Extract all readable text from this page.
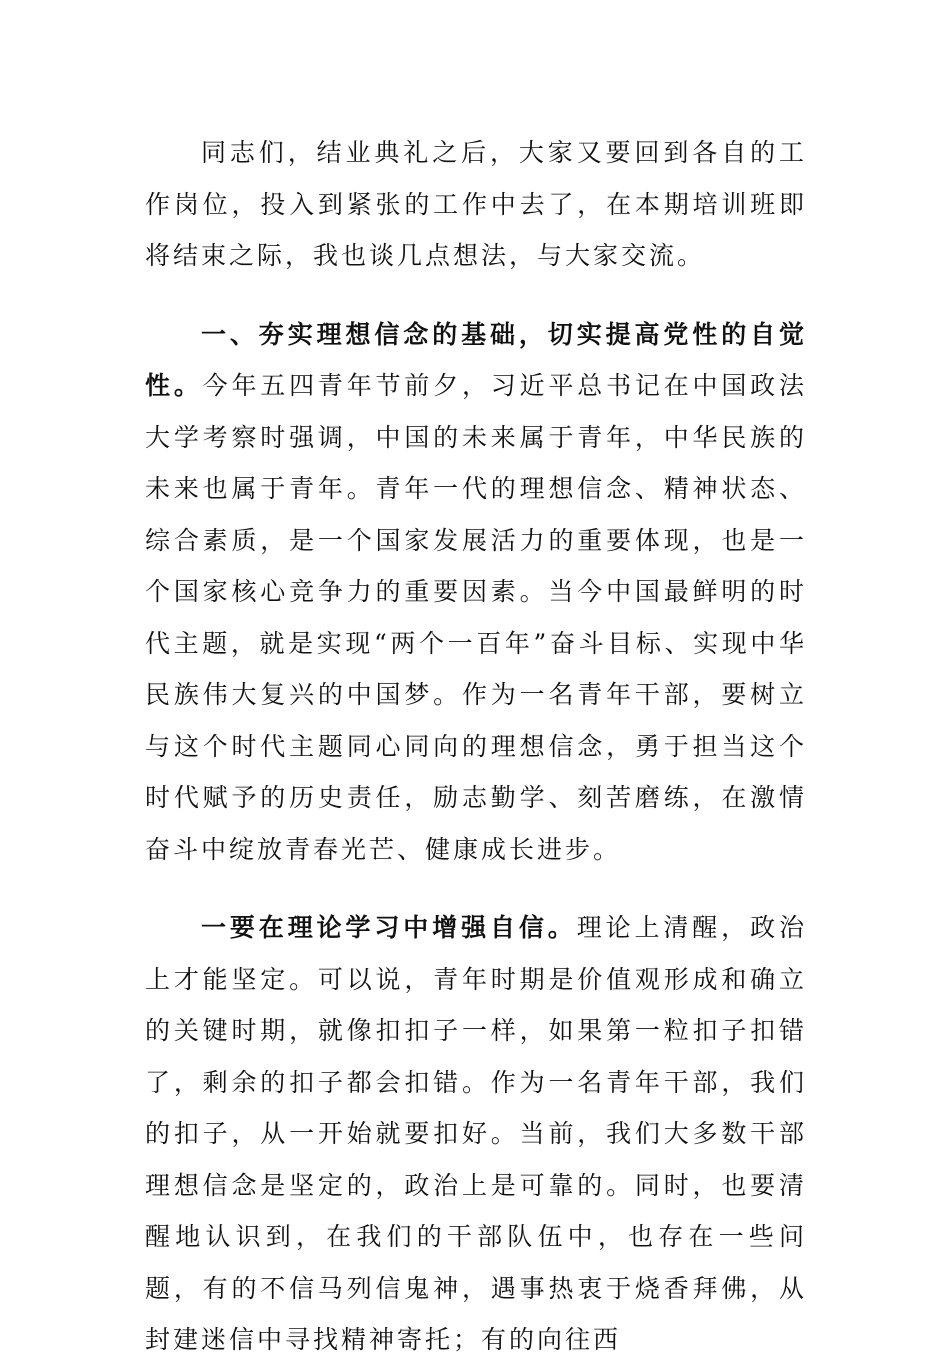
同志们，结业典礼之后，大家又要回到各自的工作岗位，投入到紧张的工作中去了，在本期培训班即将结束之际，我也谈几点想法，与大家交流。

一、夯实理想信念的基础，切实提高党性的自觉性。今年五四青年节前夕，习近平总书记在中国政法大学考察时强调，中国的未来属于青年，中华民族的未来也属于青年。青年一代的理想信念、精神状态、综合素质，是一个国家发展活力的重要体现，也是一个国家核心竞争力的重要因素。当今中国最鲜明的时代主题，就是实现“两个一百年”奋斗目标、实现中华民族伟大复兴的中国梦。作为一名青年干部，要树立与这个时代主题同心同向的理想信念，勇于担当这个时代赋予的历史责任，励志勤学、刻苦磨练，在激情奋斗中绽放青春光芒、健康成长进步。

一要在理论学习中增强自信。理论上清醒，政治上才能坚定。可以说，青年时期是价值观形成和确立的关键时期，就像扣扣子一样，如果第一粒扣子扣错了，剩余的扣子都会扣错。作为一名青年干部，我们的扣子，从一开始就要扣好。当前，我们大多数干部理想信念是坚定的，政治上是可靠的。同时，也要清醒地认识到，在我们的干部队伍中，也存在一些问题，有的不信马列信鬼神，遇事热衷于烧香拜佛，从封建迷信中寻找精神寄托；有的向往西
